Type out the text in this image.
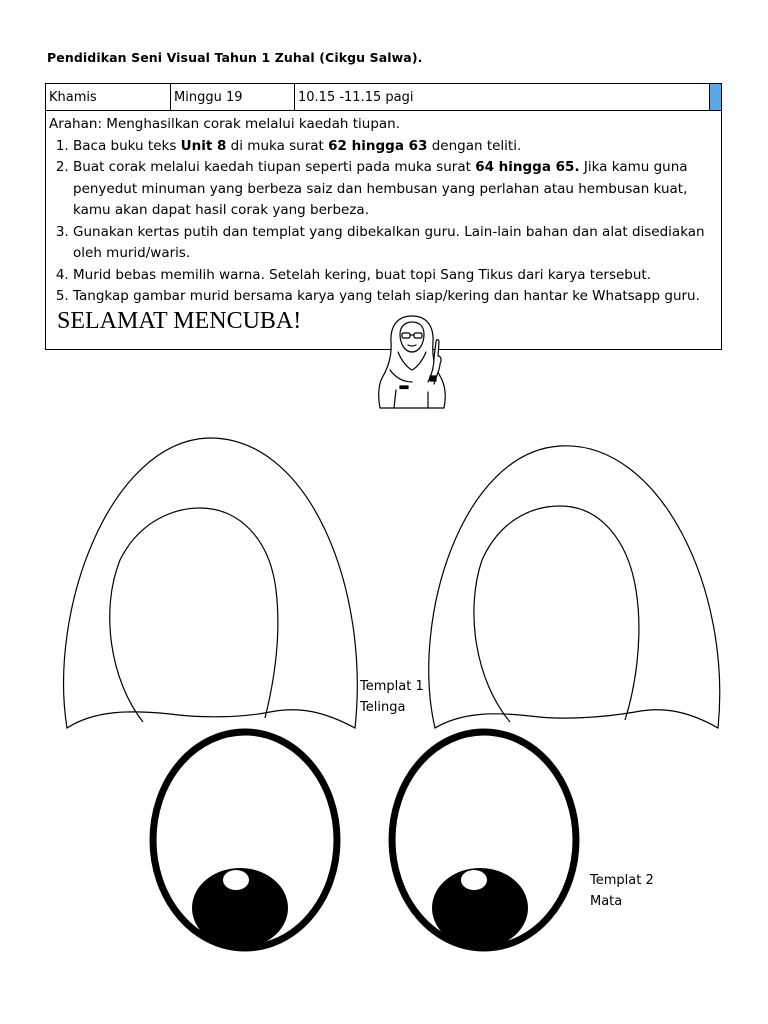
Pendidikan Seni Visual Tahun 1 Zuhal (Cikgu Salwa).
Khamis	Minggu 19	10.15 -11.15 pagi	

Arahan: Menghasilkan corak melalui kaedah tiupan.

1. Baca buku teks Unit 8 di muka surat 62 hingga 63 dengan teliti.
2. Buat corak melalui kaedah tiupan seperti pada muka surat 64 hingga 65. Jika kamu guna penyedut minuman yang berbeza saiz dan hembusan yang perlahan atau hembusan kuat, kamu akan dapat hasil corak yang berbeza.
3. Gunakan kertas putih dan templat yang dibekalkan guru. Lain-lain bahan dan alat disediakan oleh murid/waris.
4. Murid bebas memilih warna. Setelah kering, buat topi Sang Tikus dari karya tersebut.
5. Tangkap gambar murid bersama karya yang telah siap/kering dan hantar ke Whatsapp guru.
SELAMAT MENCUBA!
Templat 1
Telinga
Templat 2
Mata
